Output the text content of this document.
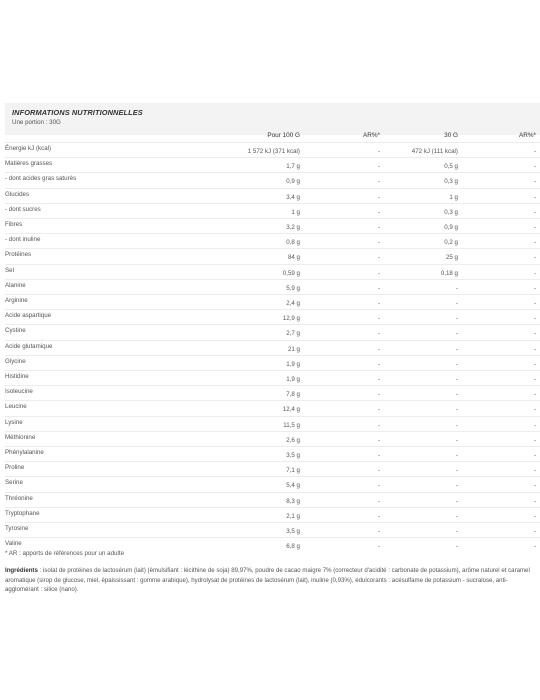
INFORMATIONS NUTRITIONNELLES
Une portion : 30G
Pour 100 G	AR%*	30 G	AR%*
Énergie kJ (kcal)	1 572 kJ (371 kcal)	-	472 kJ (111 kcal)	-
Matières grasses	1,7 g	-	0,5 g	-
- dont acides gras saturés	0,9 g	-	0,3 g	-
Glucides	3,4 g	-	1 g	-
- dont sucres	1 g	-	0,3 g	-
Fibres	3,2 g	-	0,9 g	-
- dont inuline	0,8 g	-	0,2 g	-
Protéines	84 g	-	25 g	-
Sel	0,59 g	-	0,18 g	-
Alanine	5,9 g	-	-	-
Arginine	2,4 g	-	-	-
Acide aspartique	12,9 g	-	-	-
Cystine	2,7 g	-	-	-
Acide glutamique	21 g	-	-	-
Glycine	1,9 g	-	-	-
Histidine	1,9 g	-	-	-
Isoleucine	7,8 g	-	-	-
Leucine	12,4 g	-	-	-
Lysine	11,5 g	-	-	-
Méthionine	2,6 g	-	-	-
Phénylalanine	3,5 g	-	-	-
Proline	7,1 g	-	-	-
Serine	5,4 g	-	-	-
Thréonine	8,3 g	-	-	-
Tryptophane	2,1 g	-	-	-
Tyrosine	3,5 g	-	-	-
Valine	6,8 g	-	-	-
* AR : apports de références pour un adulte
Ingrédients : isolat de protéines de lactosérum (lait) (émulsifiant : lécithine de soja) 89,97%, poudre de cacao maigre 7% (correcteur d'acidité : carbonate de potassium), arôme naturel et caramel aromatique (sirop de glucose, miel, épaississant : gomme arabique), hydrolysat de protéines de lactosérum (lait), inuline (0,93%), édulcorants : acésulfame de potassium - sucralose, anti-agglomérant : silice (nano).
